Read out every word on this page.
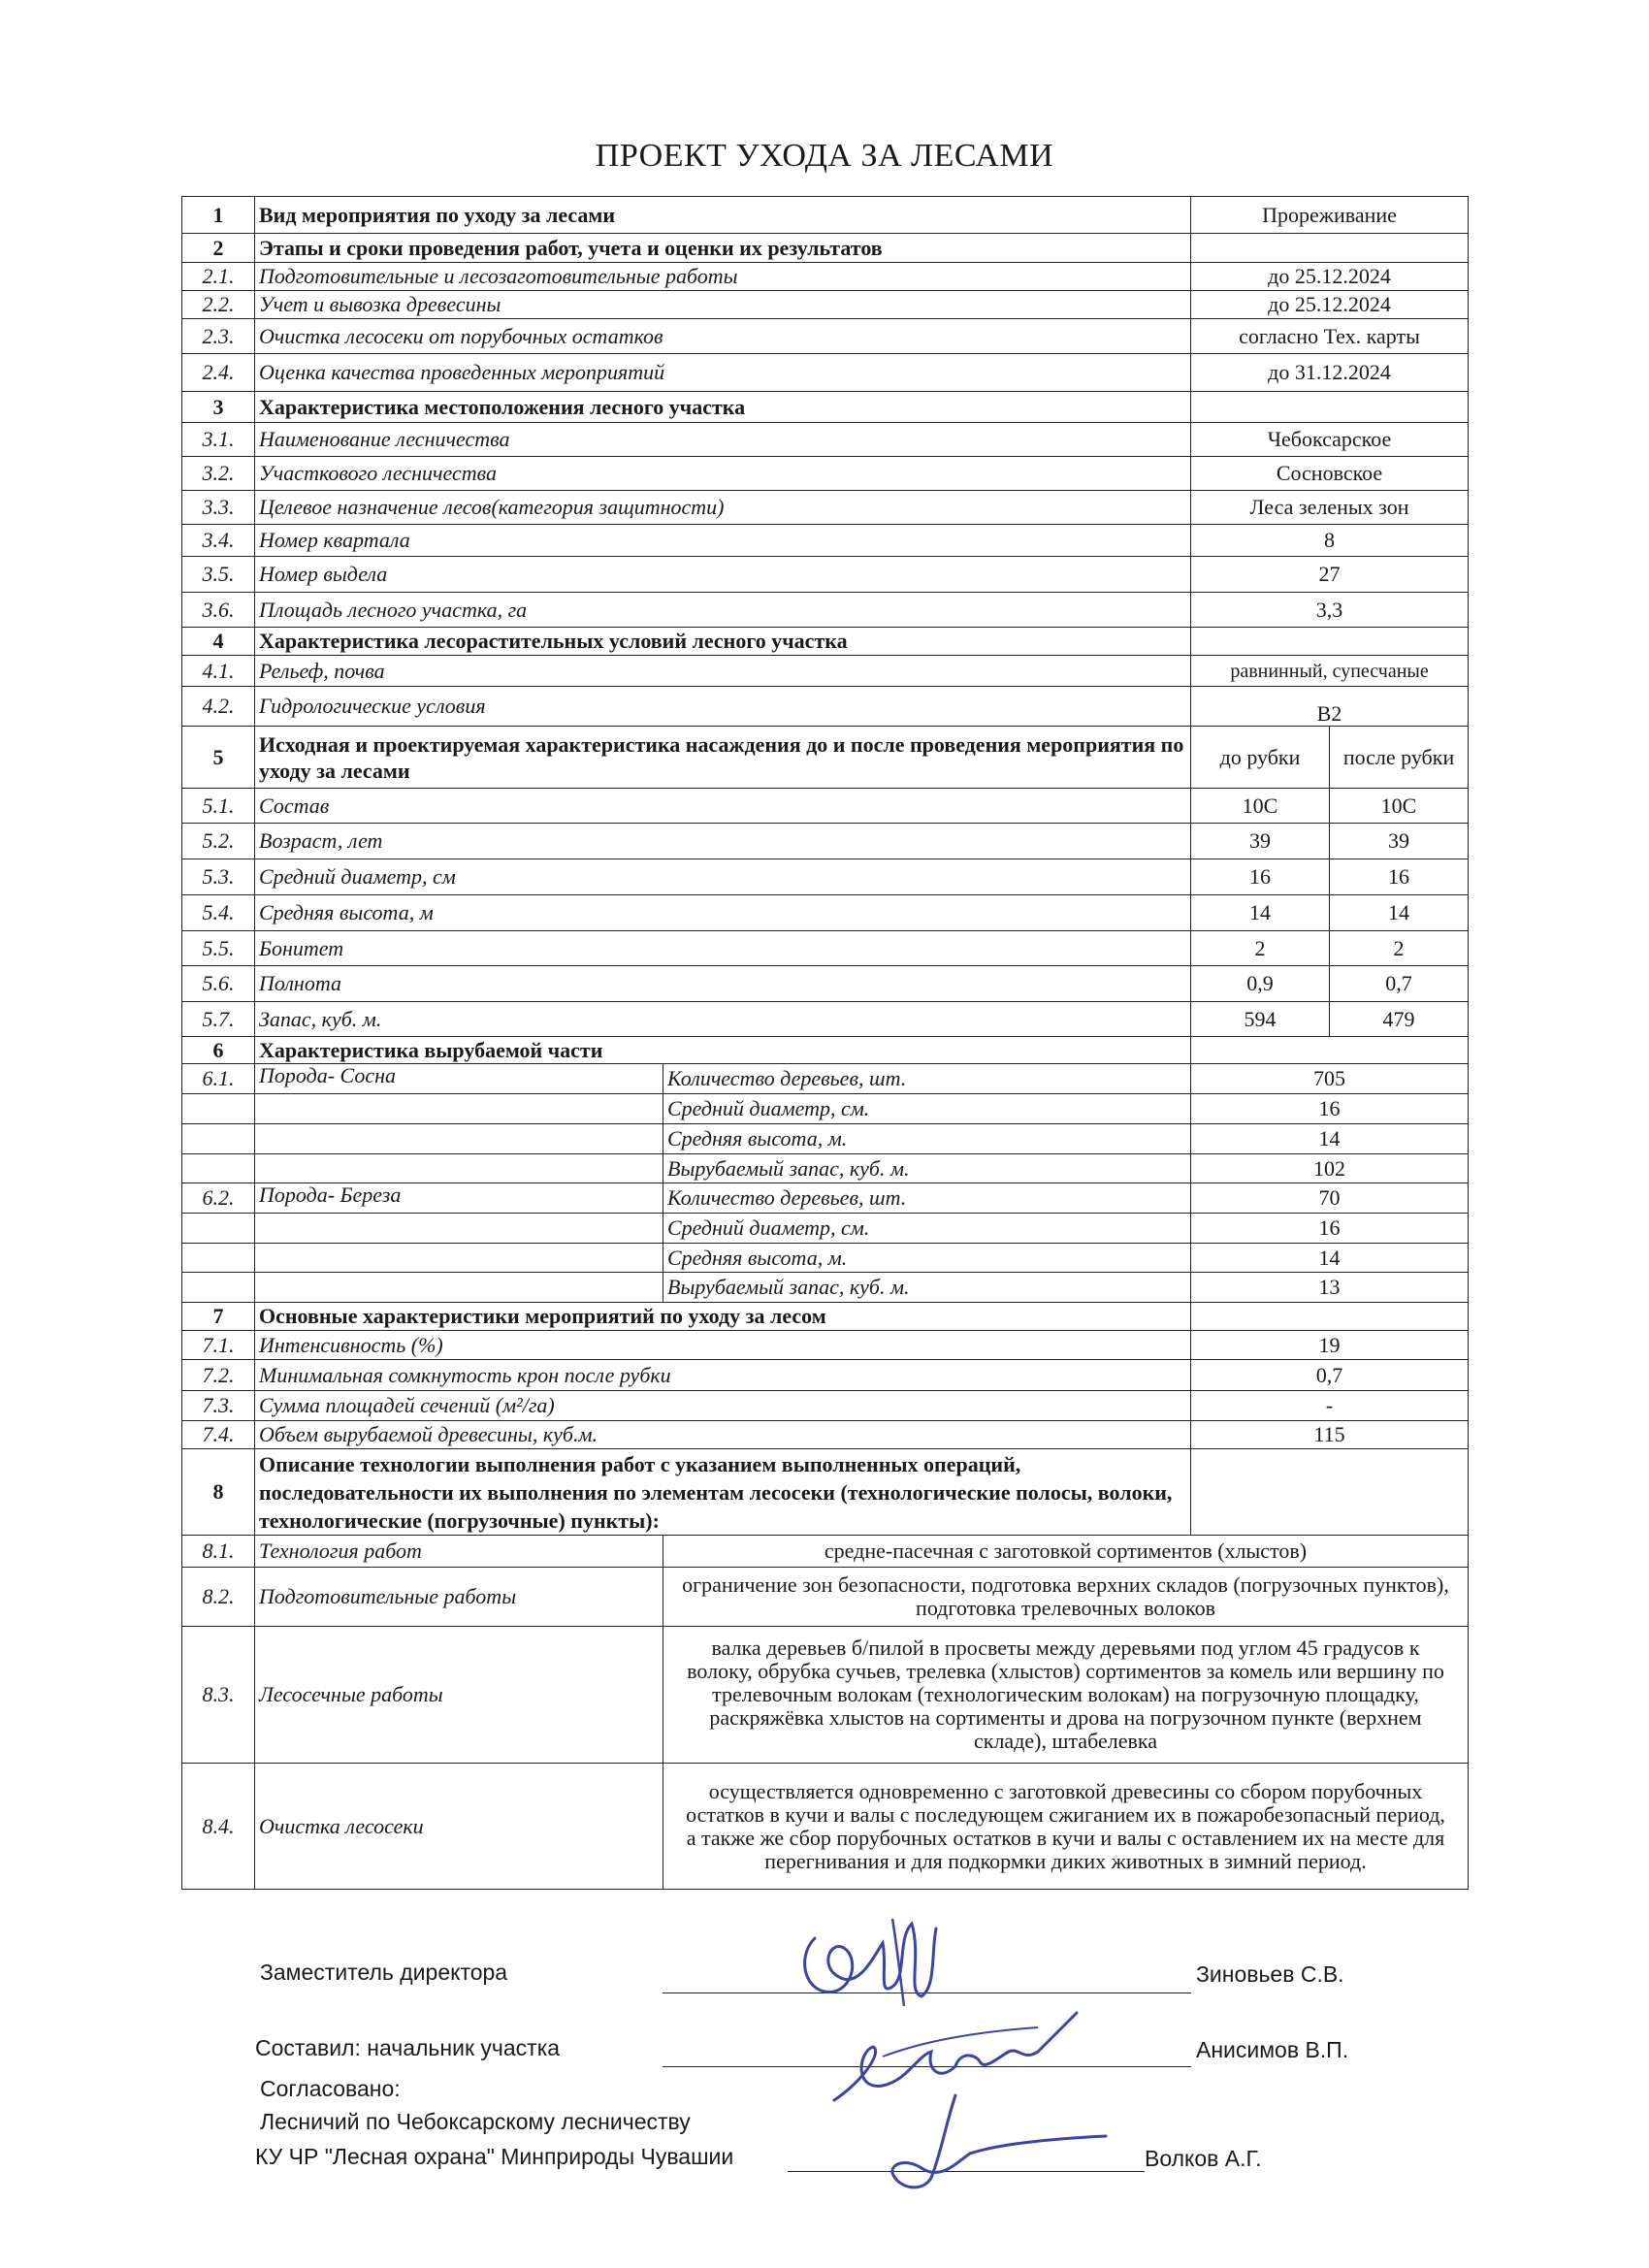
ПРОЕКТ УХОДА ЗА ЛЕСАМИ
1	Вид мероприятия по уходу за лесами		Прореживание	
2	Этапы и сроки проведения работ, учета и оценки их результатов			
2.1.	Подготовительные и лесозаготовительные работы		до 25.12.2024	
2.2.	Учет и вывозка древесины		до 25.12.2024	
2.3.	Очистка лесосеки от порубочных остатков		согласно Тех. карты	
2.4.	Оценка качества проведенных мероприятий		до 31.12.2024	
3	Характеристика местоположения лесного участка			
3.1.	Наименование лесничества		Чебоксарское	
3.2.	Участкового лесничества		Сосновское	
3.3.	Целевое назначение лесов(категория защитности)		Леса зеленых зон	
3.4.	Номер квартала		8	
3.5.	Номер выдела		27	
3.6.	Площадь лесного участка, га		3,3	
4	Характеристика лесорастительных условий лесного участка			
4.1.	Рельеф, почва		равнинный, супесчаные	
4.2.	Гидрологические условия		В2	
5	Исходная и проектируемая характеристика насаждения до и после проведения мероприятия по уходу за лесами		до рубки	после рубки
5.1.	Состав		10С	10С
5.2.	Возраст, лет		39	39
5.3.	Средний диаметр, см		16	16
5.4.	Средняя высота, м		14	14
5.5.	Бонитет		2	2
5.6.	Полнота		0,9	0,7
5.7.	Запас, куб. м.		594	479
6	Характеристика вырубаемой части			
6.1.	Порода- Сосна	Количество деревьев, шт.	705	
		Средний диаметр, см.	16	
		Средняя высота, м.	14	
		Вырубаемый запас, куб. м.	102	
6.2.	Порода- Береза	Количество деревьев, шт.	70	
		Средний диаметр, см.	16	
		Средняя высота, м.	14	
		Вырубаемый запас, куб. м.	13	
7	Основные характеристики мероприятий по уходу за лесом			
7.1.	Интенсивность (%)		19	
7.2.	Минимальная сомкнутость крон после рубки		0,7	
7.3.	Сумма площадей сечений (м²/га)		-	
7.4.	Объем вырубаемой древесины, куб.м.		115	
8	Описание технологии выполнения работ с указанием выполненных операций, последовательности их выполнения по элементам лесосеки (технологические полосы, волоки, технологические (погрузочные) пункты):			
8.1.	Технология работ	средне-пасечная с заготовкой сортиментов (хлыстов)		
8.2.	Подготовительные работы	ограничение зон безопасности, подготовка верхних складов (погрузочных пунктов), подготовка трелевочных волоков		
8.3.	Лесосечные работы	валка деревьев б/пилой в просветы между деревьями под углом 45 градусов к волоку, обрубка сучьев, трелевка (хлыстов) сортиментов за комель или вершину по трелевочным волокам (технологическим волокам) на погрузочную площадку, раскряжёвка хлыстов на сортименты и дрова на погрузочном пункте (верхнем складе), штабелевка		
8.4.	Очистка лесосеки	осуществляется одновременно с заготовкой древесины со сбором порубочных остатков в кучи и валы с последующем сжиганием их в пожаробезопасный период, а также же сбор порубочных остатков в кучи и валы с оставлением их на месте для перегнивания и для подкормки диких животных в зимний период.		
Заместитель директора	Зиновьев С.В.
Составил: начальник участка	Анисимов В.П.
Согласовано:
Лесничий по Чебоксарскому лесничеству
КУ ЧР "Лесная охрана" Минприроды Чувашии	Волков А.Г.
